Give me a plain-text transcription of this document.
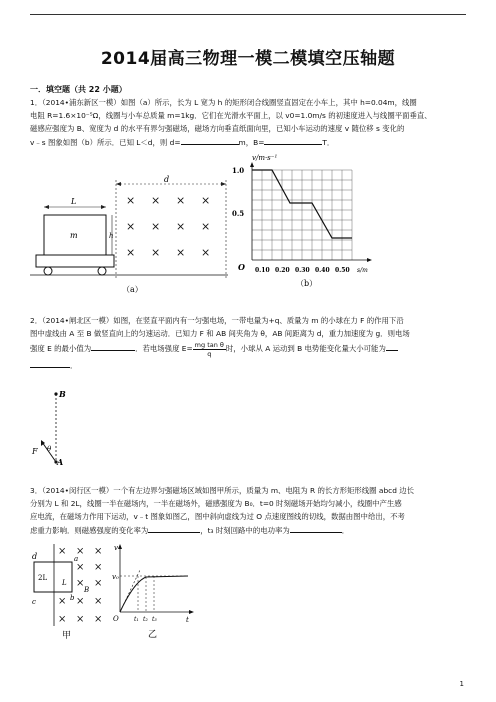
2014届高三物理一模二模填空压轴题
一．填空题（共 22 小题）
1．（2014•浦东新区一模）如图（a）所示，长为 L 宽为 h 的矩形闭合线圈竖直固定在小车上，其中 h=0.04m，线圈
电阻 R=1.6×10⁻⁵Ω，线圈与小车总质量 m=1kg．它们在光滑水平面上，以 v0=1.0m/s 的初速度进入与线圈平面垂直、
磁感应强度为 B、宽度为 d 的水平有界匀强磁场，磁场方向垂直纸面向里，已知小车运动的速度 v 随位移 s 变化的
v﹣s 图象如图（b）所示．已知 L＜d，则 d=	m，B=	T．
d
× × × ×
× × × ×
× × × ×
L
m	h
（a）
v/m·s⁻¹
1.0
0.5
O 0.10 0.20 0.30 0.40 0.50 s/m
（b）
2．（2014•闸北区一模）如图，在竖直平面内有一匀强电场，一带电量为+q、质量为 m 的小球在力 F 的作用下沿
图中虚线由 A 至 B 做竖直向上的匀速运动．已知力 F 和 AB 间夹角为 θ，AB 间距离为 d，重力加速度为 g．则电场
强度 E 的最小值为	．若电场强度 $E= \frac{\text{mg tan θ}}{q}$ 时，小球从 A 运动到 B 电势能变化量大小可能为
．
B
A
F θ
3．（2014•闵行区一模）一个有左边界匀强磁场区域如图甲所示，质量为 m、电阻为 R 的长方形矩形线圈 abcd 边长
分别为 L 和 2L，线圈一半在磁场内，一半在磁场外，磁感强度为 B₀．t=0 时刻磁场开始均匀减小，线圈中产生感
应电流，在磁场力作用下运动，v﹣t 图象如图乙，图中斜向虚线为过 O 点速度图线的切线，数据由图中给出，不考
虑重力影响．则磁感强度的变化率为	，t₃ 时刻回路中的电功率为	．
× × ×
× ×
× ×
× × ×
× × ×
d	a
2L
L
B
c	b
甲
v
v₀
O	t₁ t₂ t₃	t
乙
1
